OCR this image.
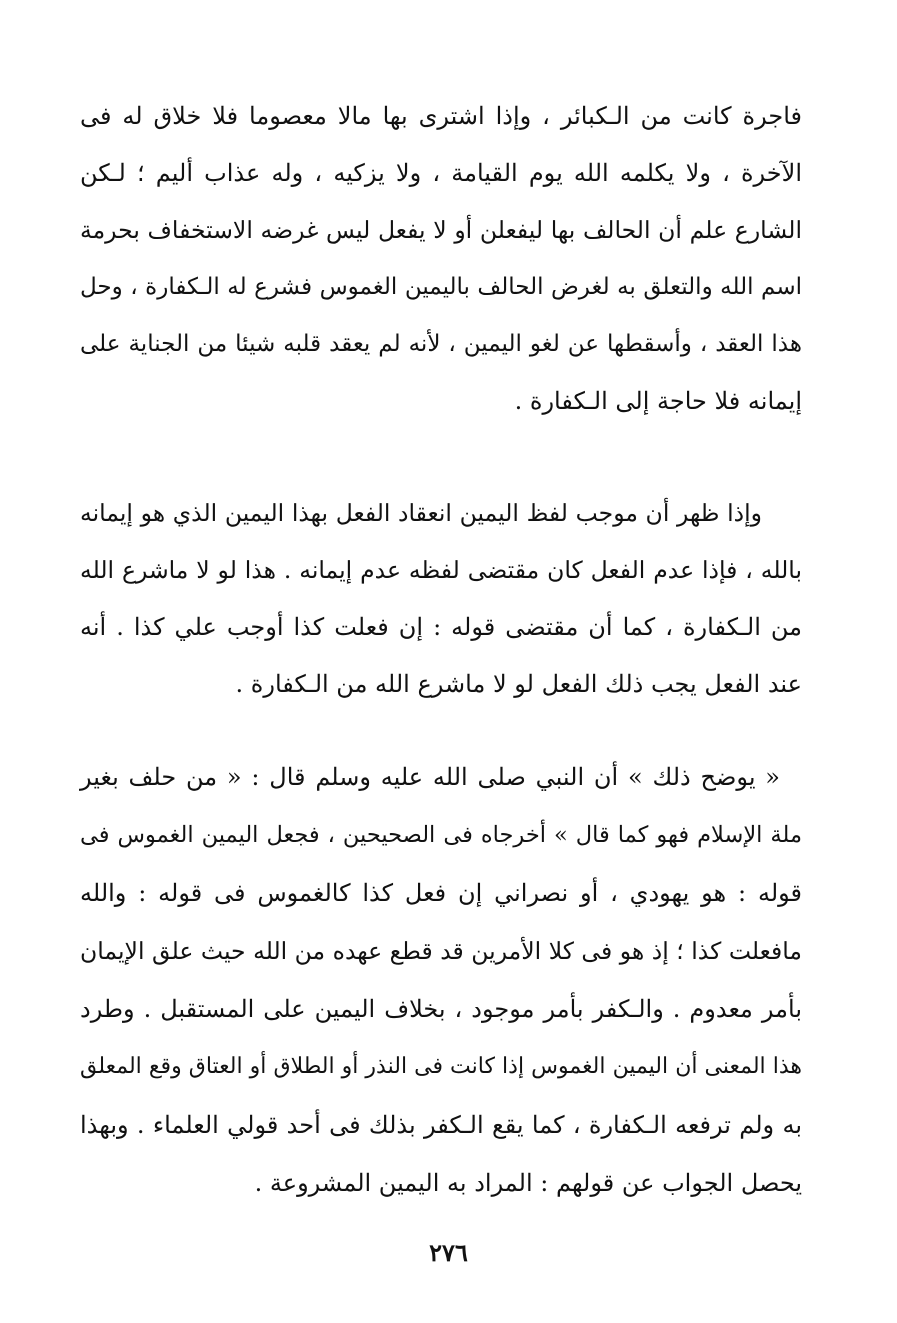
فاجرة كانت من الـكبائر ، وإذا اشترى بها مالا معصوما فلا خلاق له فى
الآخرة ، ولا يكلمه الله يوم القيامة ، ولا يزكيه ، وله عذاب أليم ؛ لـكن
الشارع علم أن الحالف بها ليفعلن أو لا يفعل ليس غرضه الاستخفاف بحرمة
اسم الله والتعلق به لغرض الحالف باليمين الغموس فشرع له الـكفارة ، وحل
هذا العقد ، وأسقطها عن لغو اليمين ، لأنه لم يعقد قلبه شيئا من الجناية على
إيمانه فلا حاجة إلى الـكفارة .
وإذا ظهر أن موجب لفظ اليمين انعقاد الفعل بهذا اليمين الذي هو إيمانه
بالله ، فإذا عدم الفعل كان مقتضى لفظه عدم إيمانه . هذا لو لا ماشرع الله
من الـكفارة ، كما أن مقتضى قوله : إن فعلت كذا أوجب علي كذا . أنه
عند الفعل يجب ذلك الفعل لو لا ماشرع الله من الـكفارة .
« يوضح ذلك » أن النبي صلى الله عليه وسلم قال : « من حلف بغير
ملة الإسلام فهو كما قال » أخرجاه فى الصحيحين ، فجعل اليمين الغموس فى
قوله : هو يهودي ، أو نصراني إن فعل كذا كالغموس فى قوله : والله
مافعلت كذا ؛ إذ هو فى كلا الأمرين قد قطع عهده من الله حيث علق الإيمان
بأمر معدوم . والـكفر بأمر موجود ، بخلاف اليمين على المستقبل . وطرد
هذا المعنى أن اليمين الغموس إذا كانت فى النذر أو الطلاق أو العتاق وقع المعلق
به ولم ترفعه الـكفارة ، كما يقع الـكفر بذلك فى أحد قولي العلماء . وبهذا
يحصل الجواب عن قولهم : المراد به اليمين المشروعة .
٢٧٦
